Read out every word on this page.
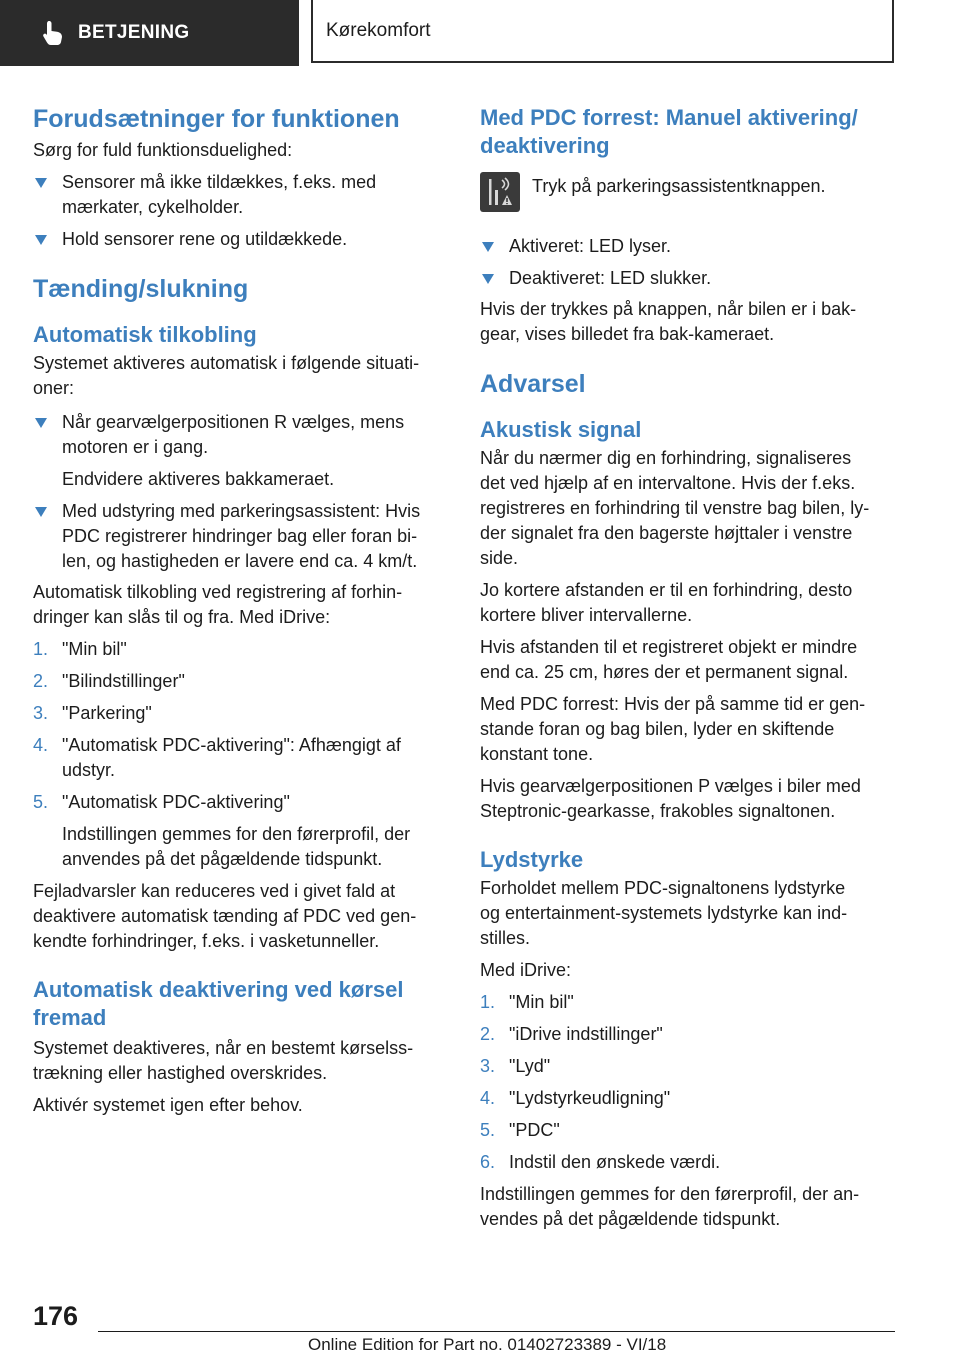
BETJENING	Kørekomfort
Forudsætninger for funktionen

Sørg for fuld funktionsduelighed:

Sensorer må ikke tildækkes, f.eks. med
mærkater, cykelholder.
Hold sensorer rene og utildækkede.
Tænding/slukning
Automatisk tilkobling

Systemet aktiveres automatisk i følgende situati-
oner:

Når gearvælgerpositionen R vælges, mens
motoren er i gang.
Endvidere aktiveres bakkameraet.
Med udstyring med parkeringsassistent: Hvis
PDC registrerer hindringer bag eller foran bi-
len, og hastigheden er lavere end ca. 4 km/t.

Automatisk tilkobling ved registrering af forhin-
dringer kan slås til og fra. Med iDrive:

1. "Min bil"
2. "Bilindstillinger"
3. "Parkering"
4. "Automatisk PDC-aktivering": Afhængigt af
udstyr.
5. "Automatisk PDC-aktivering"
Indstillingen gemmes for den førerprofil, der
anvendes på det pågældende tidspunkt.

Fejladvarsler kan reduceres ved i givet fald at
deaktivere automatisk tænding af PDC ved gen-
kendte forhindringer, f.eks. i vasketunneller.

Automatisk deaktivering ved kørsel
fremad

Systemet deaktiveres, når en bestemt kørselss-
trækning eller hastighed overskrides.

Aktivér systemet igen efter behov.

Med PDC forrest: Manuel aktivering/
deaktivering

Tryk på parkeringsassistentknappen.

Aktiveret: LED lyser.
Deaktiveret: LED slukker.

Hvis der trykkes på knappen, når bilen er i bak-
gear, vises billedet fra bak-kameraet.

Advarsel
Akustisk signal

Når du nærmer dig en forhindring, signaliseres
det ved hjælp af en intervaltone. Hvis der f.eks.
registreres en forhindring til venstre bag bilen, ly-
der signalet fra den bagerste højttaler i venstre
side.

Jo kortere afstanden er til en forhindring, desto
kortere bliver intervallerne.

Hvis afstanden til et registreret objekt er mindre
end ca. 25 cm, høres der et permanent signal.

Med PDC forrest: Hvis der på samme tid er gen-
stande foran og bag bilen, lyder en skiftende
konstant tone.

Hvis gearvælgerpositionen P vælges i biler med
Steptronic-gearkasse, frakobles signaltonen.

Lydstyrke

Forholdet mellem PDC-signaltonens lydstyrke
og entertainment-systemets lydstyrke kan ind-
stilles.

Med iDrive:

1. "Min bil"
2. "iDrive indstillinger"
3. "Lyd"
4. "Lydstyrkeudligning"
5. "PDC"
6. Indstil den ønskede værdi.

Indstillingen gemmes for den førerprofil, der an-
vendes på det pågældende tidspunkt.

176
Online Edition for Part no. 01402723389 - VI/18
